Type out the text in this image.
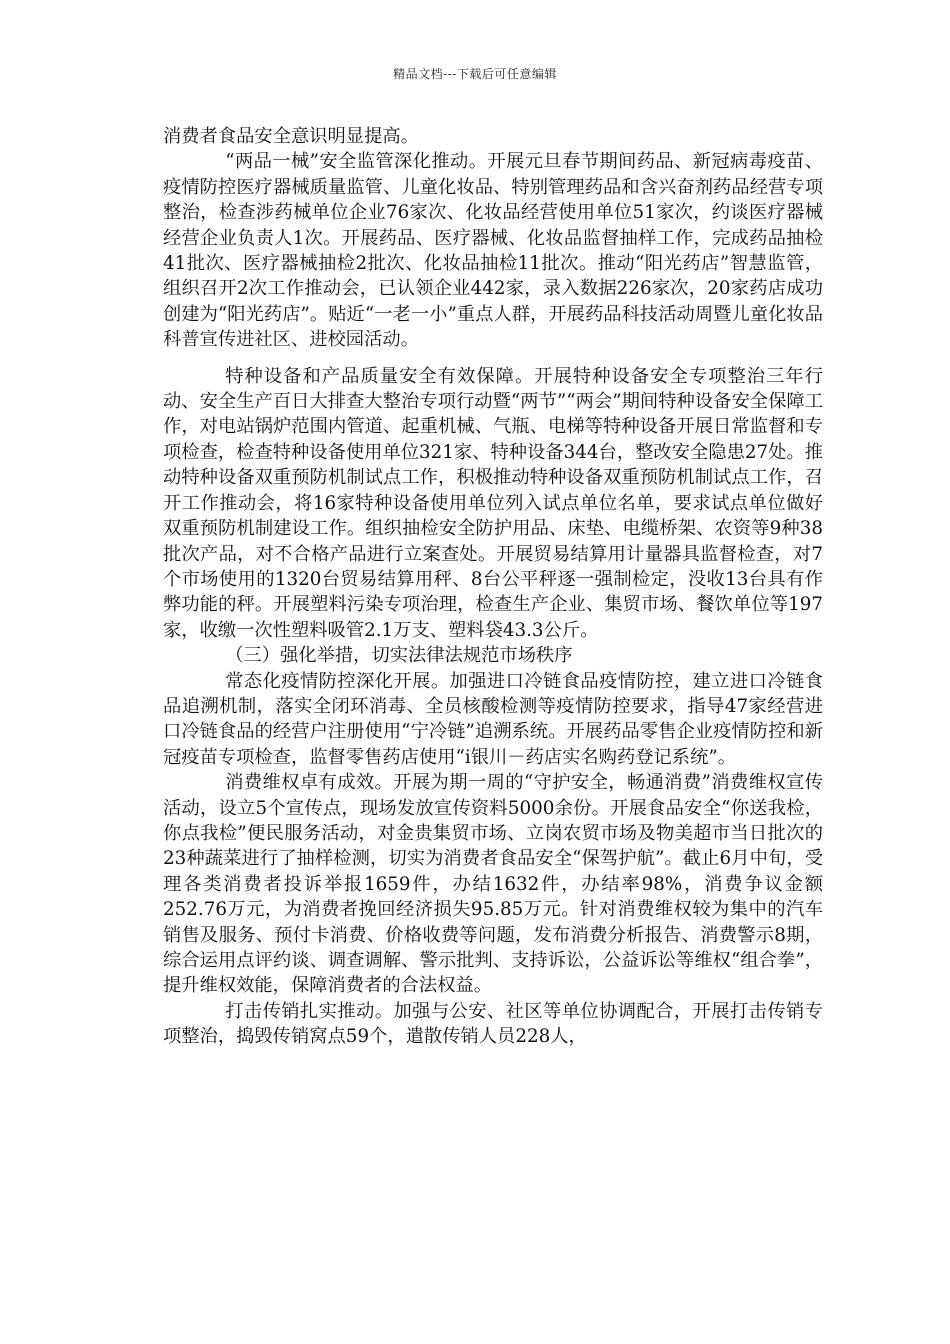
精品文档---下载后可任意编辑

消费者食品安全意识明显提高。

“两品一械”安全监管深化推动。开展元旦春节期间药品、新冠病毒疫苗、疫情防控医疗器械质量监管、儿童化妆品、特别管理药品和含兴奋剂药品经营专项整治，检查涉药械单位企业76家次、化妆品经营使用单位51家次，约谈医疗器械经营企业负责人1次。开展药品、医疗器械、化妆品监督抽样工作，完成药品抽检41批次、医疗器械抽检2批次、化妆品抽检11批次。推动“阳光药店”智慧监管，组织召开2次工作推动会，已认领企业442家，录入数据226家次，20家药店成功创建为“阳光药店”。贴近“一老一小”重点人群，开展药品科技活动周暨儿童化妆品科普宣传进社区、进校园活动。

特种设备和产品质量安全有效保障。开展特种设备安全专项整治三年行动、安全生产百日大排查大整治专项行动暨“两节”“两会”期间特种设备安全保障工作，对电站锅炉范围内管道、起重机械、气瓶、电梯等特种设备开展日常监督和专项检查，检查特种设备使用单位321家、特种设备344台，整改安全隐患27处。推动特种设备双重预防机制试点工作，积极推动特种设备双重预防机制试点工作，召开工作推动会，将16家特种设备使用单位列入试点单位名单，要求试点单位做好双重预防机制建设工作。组织抽检安全防护用品、床垫、电缆桥架、农资等9种38批次产品，对不合格产品进行立案查处。开展贸易结算用计量器具监督检查，对7个市场使用的1320台贸易结算用秤、8台公平秤逐一强制检定，没收13台具有作弊功能的秤。开展塑料污染专项治理，检查生产企业、集贸市场、餐饮单位等197家，收缴一次性塑料吸管2.1万支、塑料袋43.3公斤。

（三）强化举措，切实法律法规范市场秩序

常态化疫情防控深化开展。加强进口冷链食品疫情防控，建立进口冷链食品追溯机制，落实全闭环消毒、全员核酸检测等疫情防控要求，指导47家经营进口冷链食品的经营户注册使用“宁冷链”追溯系统。开展药品零售企业疫情防控和新冠疫苗专项检查，监督零售药店使用“i银川－药店实名购药登记系统”。

消费维权卓有成效。开展为期一周的“守护安全，畅通消费”消费维权宣传活动，设立5个宣传点，现场发放宣传资料5000余份。开展食品安全“你送我检，你点我检”便民服务活动，对金贵集贸市场、立岗农贸市场及物美超市当日批次的23种蔬菜进行了抽样检测，切实为消费者食品安全“保驾护航”。截止6月中旬，受理各类消费者投诉举报1659件，办结1632件，办结率98%，消费争议金额252.76万元，为消费者挽回经济损失95.85万元。针对消费维权较为集中的汽车销售及服务、预付卡消费、价格收费等问题，发布消费分析报告、消费警示8期，综合运用点评约谈、调查调解、警示批判、支持诉讼，公益诉讼等维权“组合拳”，提升维权效能，保障消费者的合法权益。

打击传销扎实推动。加强与公安、社区等单位协调配合，开展打击传销专项整治，捣毁传销窝点59个，遣散传销人员228人，
